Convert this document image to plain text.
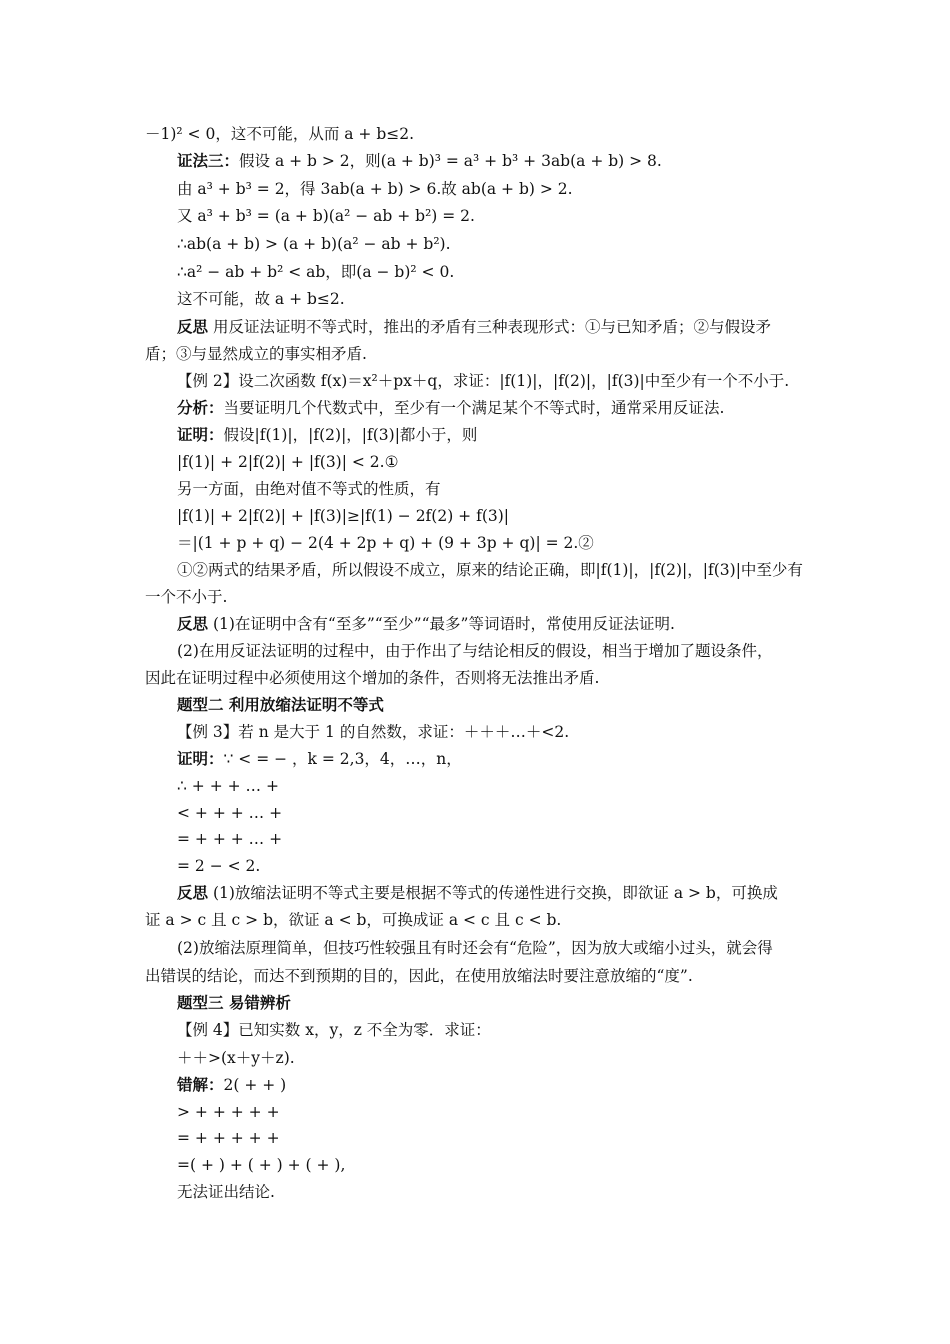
－1)² < 0，这不可能，从而 a + b≤2.
证法三：假设 a + b > 2，则(a + b)³ = a³ + b³ + 3ab(a + b) > 8.
由 a³ + b³ = 2，得 3ab(a + b) > 6.故 ab(a + b) > 2.
又 a³ + b³ = (a + b)(a² − ab + b²) = 2.
∴ab(a + b) > (a + b)(a² − ab + b²).
∴a² − ab + b² < ab，即(a − b)² < 0.
这不可能，故 a + b≤2.
反思 用反证法证明不等式时，推出的矛盾有三种表现形式：①与已知矛盾；②与假设矛
盾；③与显然成立的事实相矛盾.
【例 2】设二次函数 f(x)＝x²＋px＋q，求证：|f(1)|，|f(2)|，|f(3)|中至少有一个不小于.
分析：当要证明几个代数式中，至少有一个满足某个不等式时，通常采用反证法.
证明：假设|f(1)|，|f(2)|，|f(3)|都小于，则
|f(1)| + 2|f(2)| + |f(3)| < 2.①
另一方面，由绝对值不等式的性质，有
|f(1)| + 2|f(2)| + |f(3)|≥|f(1) − 2f(2) + f(3)|
＝|(1 + p + q) − 2(4 + 2p + q) + (9 + 3p + q)| = 2.②
①②两式的结果矛盾，所以假设不成立，原来的结论正确，即|f(1)|，|f(2)|，|f(3)|中至少有
一个不小于.
反思 (1)在证明中含有“至多”“至少”“最多”等词语时，常使用反证法证明.
(2)在用反证法证明的过程中，由于作出了与结论相反的假设，相当于增加了题设条件，
因此在证明过程中必须使用这个增加的条件，否则将无法推出矛盾.
题型二 利用放缩法证明不等式
【例 3】若 n 是大于 1 的自然数，求证：＋＋＋…＋<2.
证明：∵ < = − ，k = 2,3，4，…，n，
∴ + + + … +
< + + + … +
= + + + … +
= 2 − < 2.
反思 (1)放缩法证明不等式主要是根据不等式的传递性进行交换，即欲证 a > b，可换成
证 a > c 且 c > b，欲证 a < b，可换成证 a < c 且 c < b.
(2)放缩法原理简单，但技巧性较强且有时还会有“危险”，因为放大或缩小过头，就会得
出错误的结论，而达不到预期的目的，因此，在使用放缩法时要注意放缩的“度”.
题型三 易错辨析
【例 4】已知实数 x，y，z 不全为零．求证：
＋＋>(x＋y＋z).
错解：2( + + )
> + + + + +
= + + + + +
=( + ) + ( + ) + ( + ),
无法证出结论.
